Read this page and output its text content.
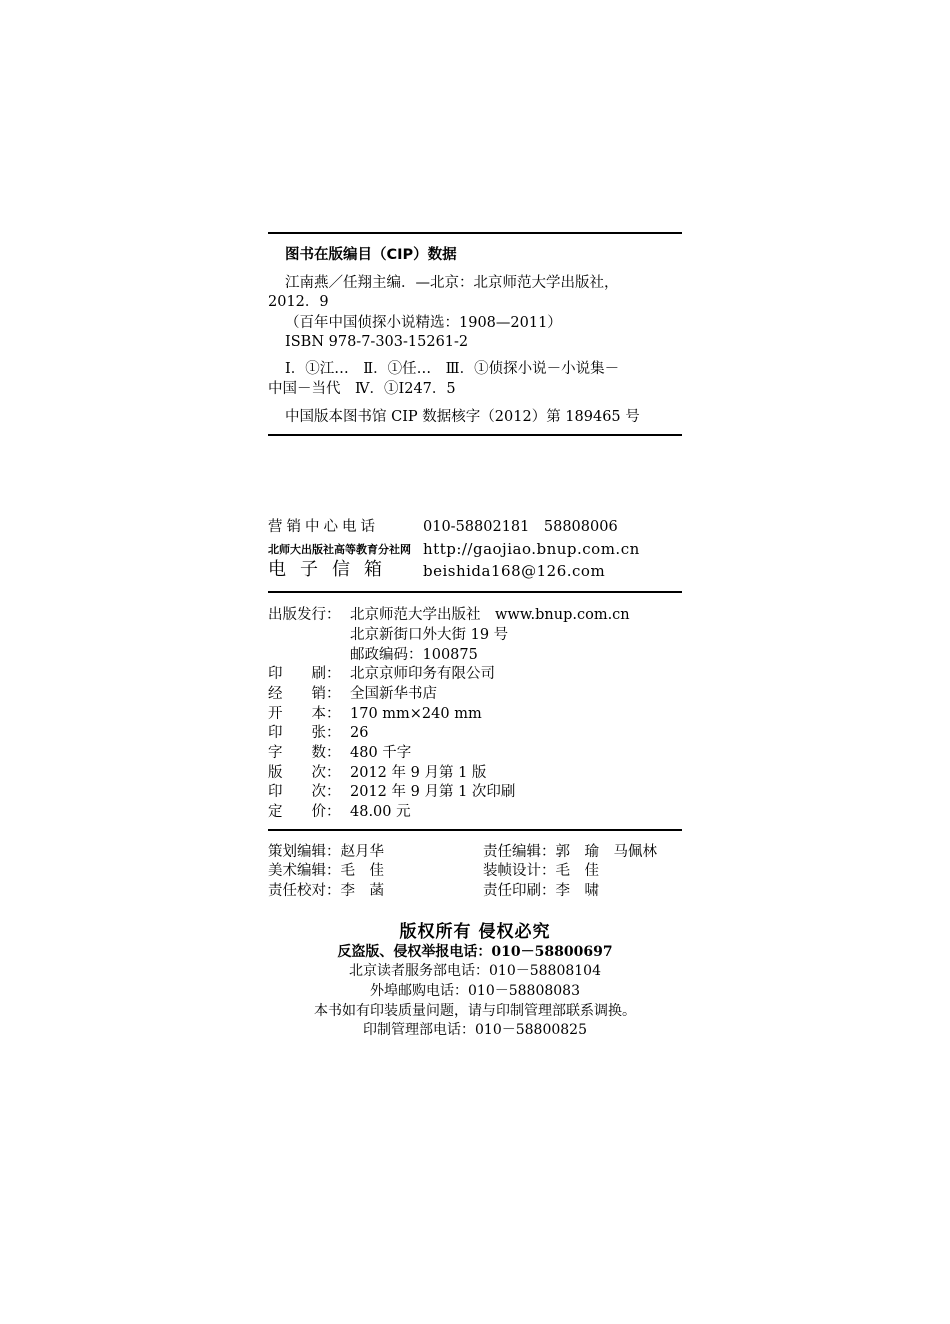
图书在版编目（CIP）数据
江南燕／任翔主编．—北京：北京师范大学出版社，
2012．9
（百年中国侦探小说精选：1908—2011）
ISBN 978-7-303-15261-2
Ⅰ．①江…　Ⅱ．①任…　Ⅲ．①侦探小说－小说集－
中国－当代　Ⅳ．①I247．5
中国版本图书馆 CIP 数据核字（2012）第 189465 号
营销中心电话	010-58802181　58808006
北师大出版社高等教育分社网 http://gaojiao.bnup.com.cn
电子信箱 beishida168@126.com
出版发行： 北京师范大学出版社　www.bnup.com.cn
北京新街口外大街 19 号
邮政编码：100875
印　　刷： 北京京师印务有限公司
经　　销： 全国新华书店
开　　本： 170 mm×240 mm
印　　张： 26
字　　数： 480 千字
版　　次： 2012 年 9 月第 1 版
印　　次： 2012 年 9 月第 1 次印刷
定　　价： 48.00 元
策划编辑：赵月华	责任编辑：郭　瑜　马佩林
美术编辑：毛　佳	装帧设计：毛　佳
责任校对：李　菡	责任印刷：李　啸
版权所有 侵权必究
反盗版、侵权举报电话：010－58800697
北京读者服务部电话：010－58808104
外埠邮购电话：010－58808083
本书如有印装质量问题，请与印制管理部联系调换。
印制管理部电话：010－58800825
